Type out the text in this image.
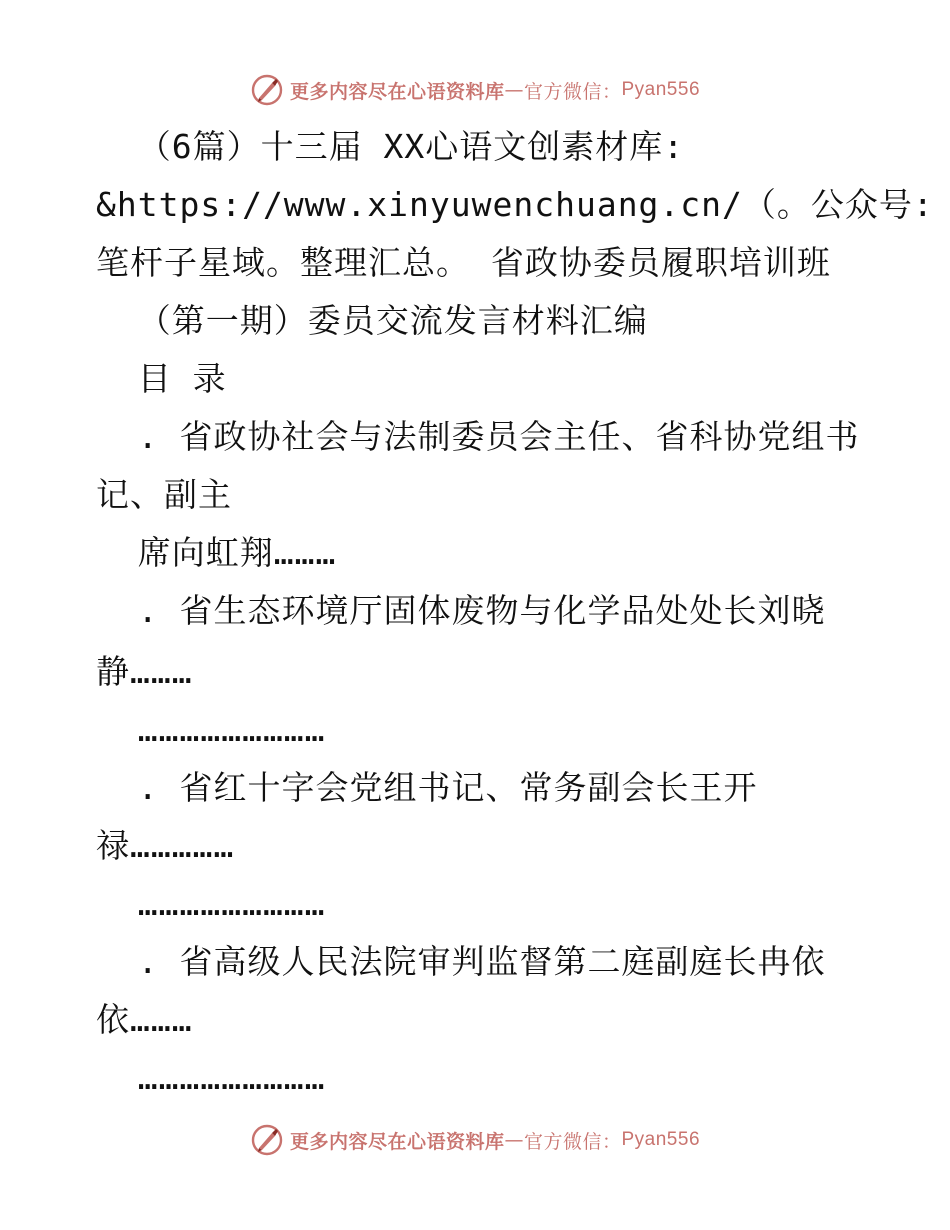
更多内容尽在心语资料库 — 官方微信： Pyan556
（6篇）十三届 XX心语文创素材库:
&https://www.xinyuwenchuang.cn/（。公众号:
笔杆子星域。整理汇总。 省政协委员履职培训班
（第一期）委员交流发言材料汇编
目 录
. 省政协社会与法制委员会主任、省科协党组书
记、副主
席向虹翔………
. 省生态环境厅固体废物与化学品处处长刘晓
静………
………………………
. 省红十字会党组书记、常务副会长王开
禄……………
………………………
. 省高级人民法院审判监督第二庭副庭长冉依
依………
………………………
更多内容尽在心语资料库 — 官方微信： Pyan556
